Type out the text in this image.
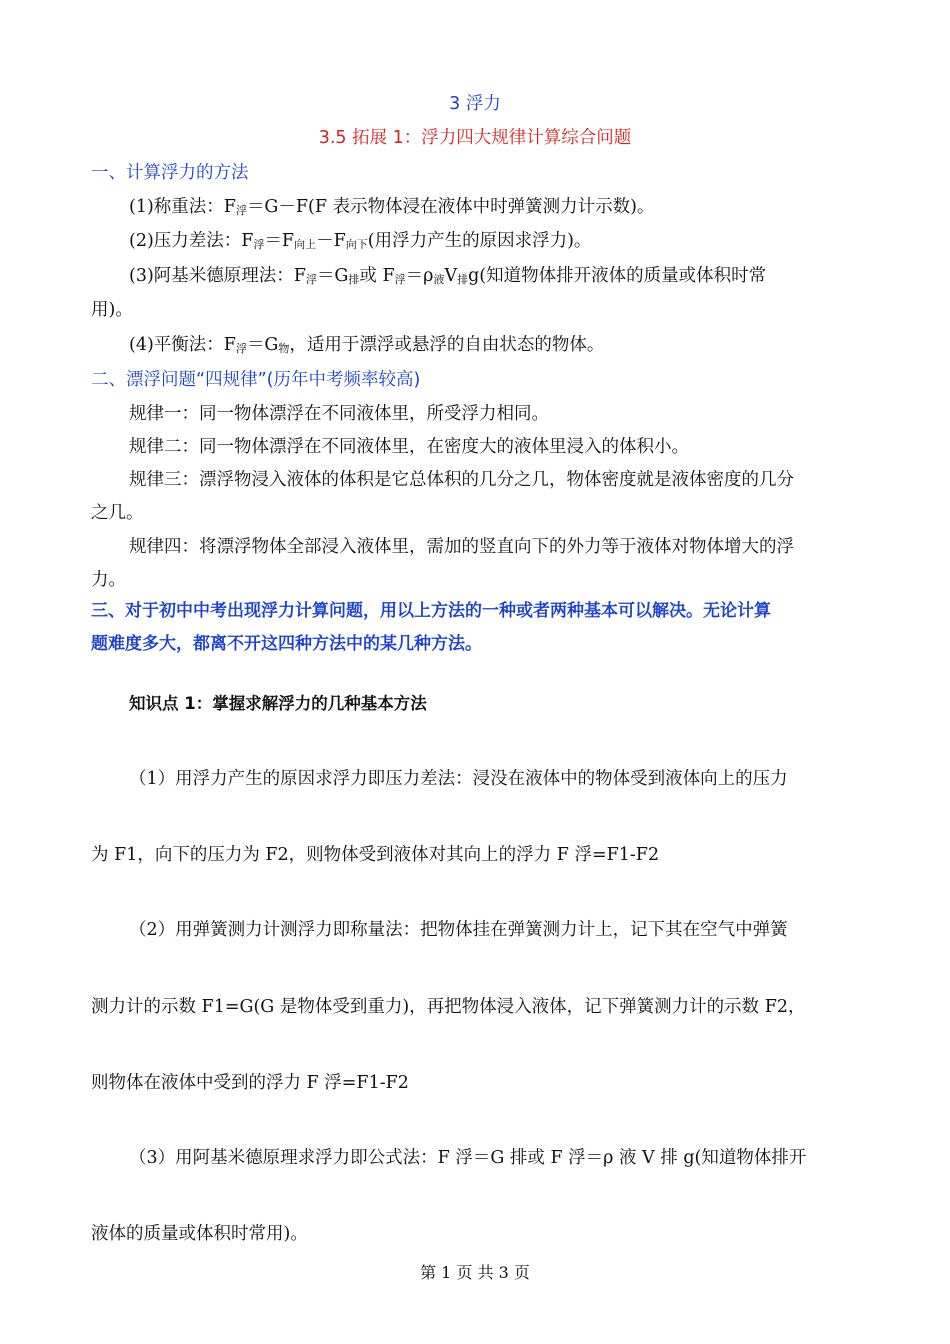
3 浮力
3.5 拓展 1：浮力四大规律计算综合问题
一、计算浮力的方法
(1)称重法：$F_浮=G-F(F$ 表示物体浸在液体中时弹簧测力计示数)。
(2)压力差法：$F_浮=F_{向上}-F_{向下}$(用浮力产生的原因求浮力)。
(3)阿基米德原理法：$F_浮=G_排$或 $F_浮=\rho_液V_排g$(知道物体排开液体的质量或体积时常
用)。
(4)平衡法：$F_浮=G_物$，适用于漂浮或悬浮的自由状态的物体。
二、漂浮问题“四规律”(历年中考频率较高)
规律一：同一物体漂浮在不同液体里，所受浮力相同。
规律二：同一物体漂浮在不同液体里，在密度大的液体里浸入的体积小。
规律三：漂浮物浸入液体的体积是它总体积的几分之几，物体密度就是液体密度的几分
之几。
规律四：将漂浮物体全部浸入液体里，需加的竖直向下的外力等于液体对物体增大的浮
力。
三、对于初中中考出现浮力计算问题，用以上方法的一种或者两种基本可以解决。无论计算
题难度多大，都离不开这四种方法中的某几种方法。
知识点 1：掌握求解浮力的几种基本方法
（1）用浮力产生的原因求浮力即压力差法：浸没在液体中的物体受到液体向上的压力
为 F1，向下的压力为 F2，则物体受到液体对其向上的浮力 F 浮=F1-F2
（2）用弹簧测力计测浮力即称量法：把物体挂在弹簧测力计上，记下其在空气中弹簧
测力计的示数 F1=G(G 是物体受到重力)，再把物体浸入液体，记下弹簧测力计的示数 F2，
则物体在液体中受到的浮力 F 浮=F1-F2
（3）用阿基米德原理求浮力即公式法：F 浮＝G 排或 F 浮＝ρ 液 V 排 g(知道物体排开
液体的质量或体积时常用)。
第 1 页 共 3 页
